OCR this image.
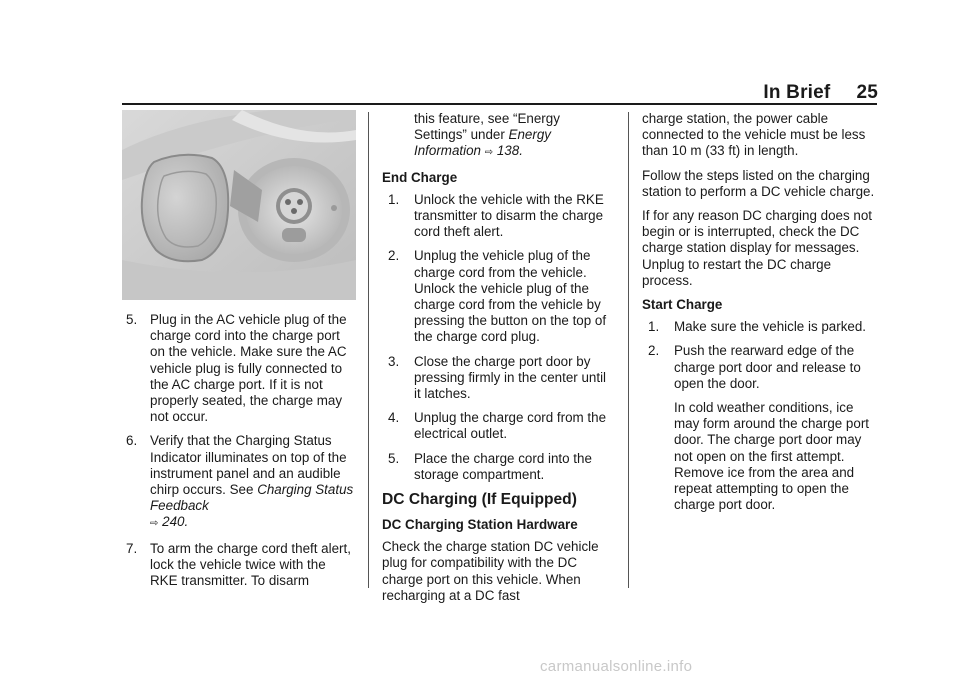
In Brief 25
5. Plug in the AC vehicle plug of the charge cord into the charge port on the vehicle. Make sure the AC vehicle plug is fully connected to the AC charge port. If it is not properly seated, the charge may not occur.
6. Verify that the Charging Status Indicator illuminates on top of the instrument panel and an audible chirp occurs. See Charging Status Feedback
⇨ 240.
7. To arm the charge cord theft alert, lock the vehicle twice with the RKE transmitter. To disarm
this feature, see “Energy Settings” under Energy Information ⇨ 138.
End Charge
1. Unlock the vehicle with the RKE transmitter to disarm the charge cord theft alert.
2. Unplug the vehicle plug of the charge cord from the vehicle. Unlock the vehicle plug of the charge cord from the vehicle by pressing the button on the top of the charge cord plug.
3. Close the charge port door by pressing firmly in the center until it latches.
4. Unplug the charge cord from the electrical outlet.
5. Place the charge cord into the storage compartment.
DC Charging (If Equipped)
DC Charging Station Hardware

Check the charge station DC vehicle plug for compatibility with the DC charge port on this vehicle. When recharging at a DC fast

charge station, the power cable connected to the vehicle must be less than 10 m (33 ft) in length.

Follow the steps listed on the charging station to perform a DC vehicle charge.

If for any reason DC charging does not begin or is interrupted, check the DC charge station display for messages. Unplug to restart the DC charge process.

Start Charge
1. Make sure the vehicle is parked.
2. Push the rearward edge of the charge port door and release to open the door.
In cold weather conditions, ice may form around the charge port door. The charge port door may not open on the first attempt. Remove ice from the area and repeat attempting to open the charge port door.
carmanualsonline.info
